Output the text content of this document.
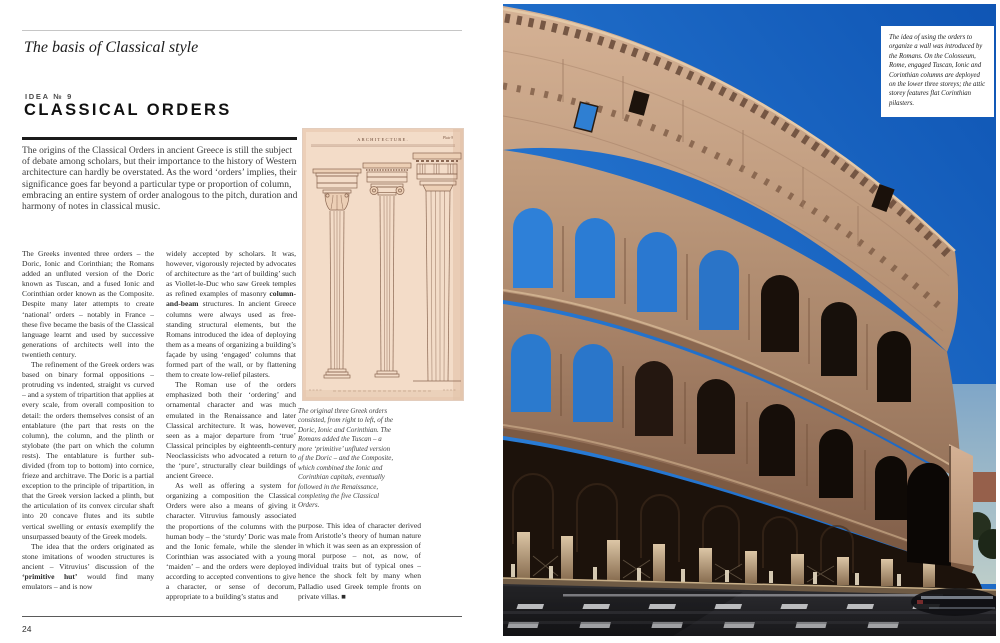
The basis of Classical style
IDEA № 9
CLASSICAL ORDERS
The origins of the Classical Orders in ancient Greece is still the subject of debate among scholars, but their importance to the history of Western architecture can hardly be overstated. As the word ‘orders’ implies, their significance goes far beyond a particular type or proportion of column, embracing an entire system of order analogous to the pitch, duration and harmony of notes in classical music.

The Greeks invented three orders – the Doric, Ionic and Corinthian; the Romans added an unfluted version of the Doric known as Tuscan, and a fused Ionic and Corinthian order known as the Composite. Despite many later attempts to create ‘national’ orders – notably in France – these five became the basis of the Classical language learnt and used by successive generations of architects well into the twentieth century.

The refinement of the Greek orders was based on binary formal oppositions – protruding vs indented, straight vs curved – and a system of tripartition that applies at every scale, from overall composition to detail: the orders themselves consist of an entablature (the part that rests on the column), the column, and the plinth or stylobate (the part on which the column rests). The entablature is further sub-divided (from top to bottom) into cornice, frieze and architrave. The Doric is a partial exception to the principle of tripartition, in that the Greek version lacked a plinth, but the articulation of its convex circular shaft into 20 concave flutes and its subtle vertical swelling or entasis exemplify the unsurpassed beauty of the Greek models.

The idea that the orders originated as stone imitations of wooden structures is ancient – Vitruvius’ discussion of the ‘primitive hut’ would find many emulators – and is now

widely accepted by scholars. It was, however, vigorously rejected by advocates of architecture as the ‘art of building’ such as Viollet-le-Duc who saw Greek temples as refined examples of masonry column-and-beam structures. In ancient Greece columns were always used as free-standing structural elements, but the Romans introduced the idea of deploying them as a means of organizing a building’s façade by using ‘engaged’ columns that formed part of the wall, or by flattening them to create low-relief pilasters.

The Roman use of the orders emphasized both their ‘ordering’ and ornamental character and was much emulated in the Renaissance and later Classical architecture. It was, however, seen as a major departure from ‘true’ Classical principles by eighteenth-century Neoclassicists who advocated a return to the ‘pure’, structurally clear buildings of ancient Greece.

As well as offering a system for organizing a composition the Classical Orders were also a means of giving it character. Vitruvius famously associated the proportions of the columns with the human body – the ‘sturdy’ Doric was male and the Ionic female, while the slender Corinthian was associated with a young ‘maiden’ – and the orders were deployed according to accepted conventions to give a character, or sense of decorum, appropriate to a building’s status and

purpose. This idea of character derived from Aristotle’s theory of human nature in which it was seen as an expression of moral purpose – not, as now, of individual traits but of typical ones – hence the shock felt by many when Palladio used Greek temple fronts on private villas. ■

ARCHITECTURE.	Plate 9
The original three Greek orders consisted, from right to left, of the Doric, Ionic and Corinthian. The Romans added the Tuscan – a more ‘primitive’ unfluted version of the Doric – and the Composite, which combined the Ionic and Corinthian capitals, eventually followed in the Renaissance, completing the five Classical Orders.
24
The idea of using the orders to organize a wall was introduced by the Romans. On the Colosseum, Rome, engaged Tuscan, Ionic and Corinthian columns are deployed on the lower three storeys; the attic storey features flat Corinthian pilasters.
